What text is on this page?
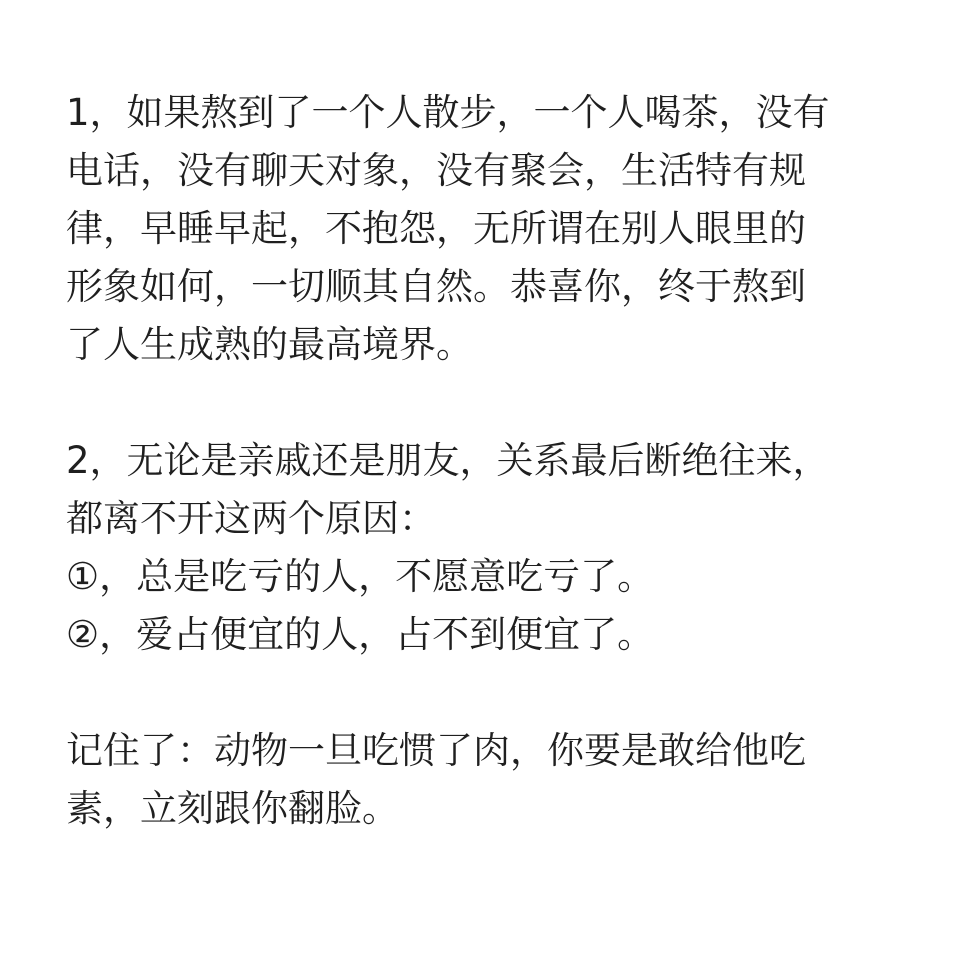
1，如果熬到了一个人散步，一个人喝茶，没有
电话，没有聊天对象，没有聚会，生活特有规
律，早睡早起，不抱怨，无所谓在别人眼里的
形象如何，一切顺其自然。恭喜你，终于熬到
了人生成熟的最高境界。
2，无论是亲戚还是朋友，关系最后断绝往来，
都离不开这两个原因：
①，总是吃亏的人，不愿意吃亏了。
②，爱占便宜的人，占不到便宜了。
记住了：动物一旦吃惯了肉，你要是敢给他吃
素，立刻跟你翻脸。
